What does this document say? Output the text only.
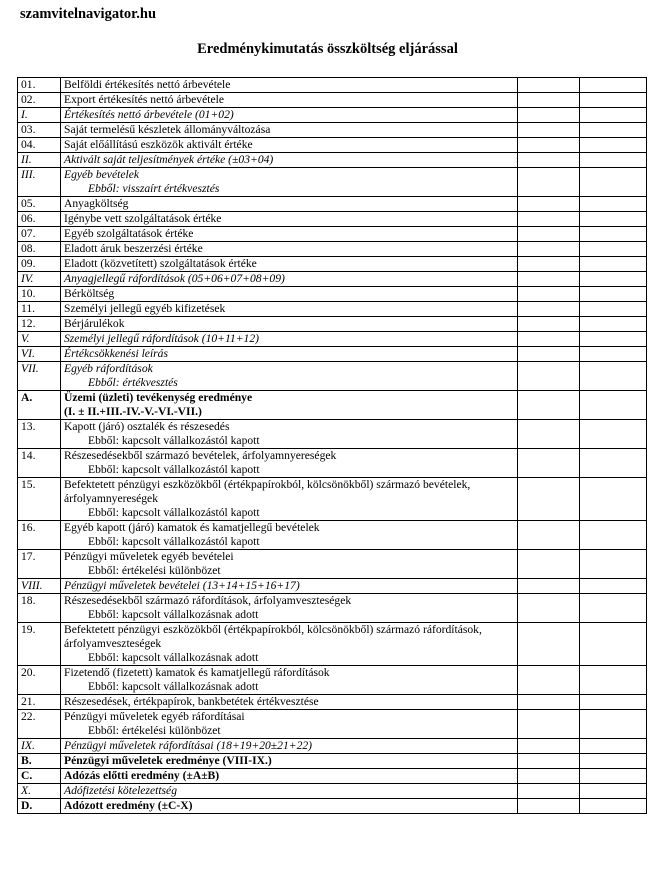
szamvitelnavigator.hu
Eredménykimutatás összköltség eljárással
01.	Belföldi értékesítés nettó árbevétele		
02.	Export értékesítés nettó árbevétele		
I.	Értékesítés nettó árbevétele (01+02)		
03.	Saját termelésű készletek állományváltozása		
04.	Saját előállítású eszközök aktivált értéke		
II.	Aktivált saját teljesítmények értéke (±03+04)		
III.	Egyéb bevételek
Ebből: visszaírt értékvesztés		

05.	Anyagköltség		
06.	Igénybe vett szolgáltatások értéke		
07.	Egyéb szolgáltatások értéke		
08.	Eladott áruk beszerzési értéke		
09.	Eladott (közvetített) szolgáltatások értéke		
IV.	Anyagjellegű ráfordítások (05+06+07+08+09)		
10.	Bérköltség		
11.	Személyi jellegű egyéb kifizetések		
12.	Bérjárulékok		
V.	Személyi jellegű ráfordítások (10+11+12)		
VI.	Értékcsökkenési leírás		
VII.	Egyéb ráfordítások
Ebből: értékvesztés		

A.	Üzemi (üzleti) tevékenység eredménye
(I. ± II.+III.-IV.-V.-VI.-VII.)		

13.	Kapott (járó) osztalék és részesedés
Ebből: kapcsolt vállalkozástól kapott		

14.	Részesedésekből származó bevételek, árfolyamnyereségek
Ebből: kapcsolt vállalkozástól kapott		

15.	Befektetett pénzügyi eszközökből (értékpapírokból, kölcsönökből) származó bevételek, árfolyamnyereségek
Ebből: kapcsolt vállalkozástól kapott		

16.	Egyéb kapott (járó) kamatok és kamatjellegű bevételek
Ebből: kapcsolt vállalkozástól kapott		

17.	Pénzügyi műveletek egyéb bevételei
Ebből: értékelési különbözet		

VIII.	Pénzügyi műveletek bevételei (13+14+15+16+17)		
18.	Részesedésekből származó ráfordítások, árfolyamveszteségek
Ebből: kapcsolt vállalkozásnak adott		

19.	Befektetett pénzügyi eszközökből (értékpapírokból, kölcsönökből) származó ráfordítások, árfolyamveszteségek
Ebből: kapcsolt vállalkozásnak adott		

20.	Fizetendő (fizetett) kamatok és kamatjellegű ráfordítások
Ebből: kapcsolt vállalkozásnak adott		

21.	Részesedések, értékpapírok, bankbetétek értékvesztése		
22.	Pénzügyi műveletek egyéb ráfordításai
Ebből: értékelési különbözet		

IX.	Pénzügyi műveletek ráfordításai (18+19+20±21+22)		
B.	Pénzügyi műveletek eredménye (VIII-IX.)		
C.	Adózás előtti eredmény (±A±B)		
X.	Adófizetési kötelezettség		
D.	Adózott eredmény (±C-X)		
